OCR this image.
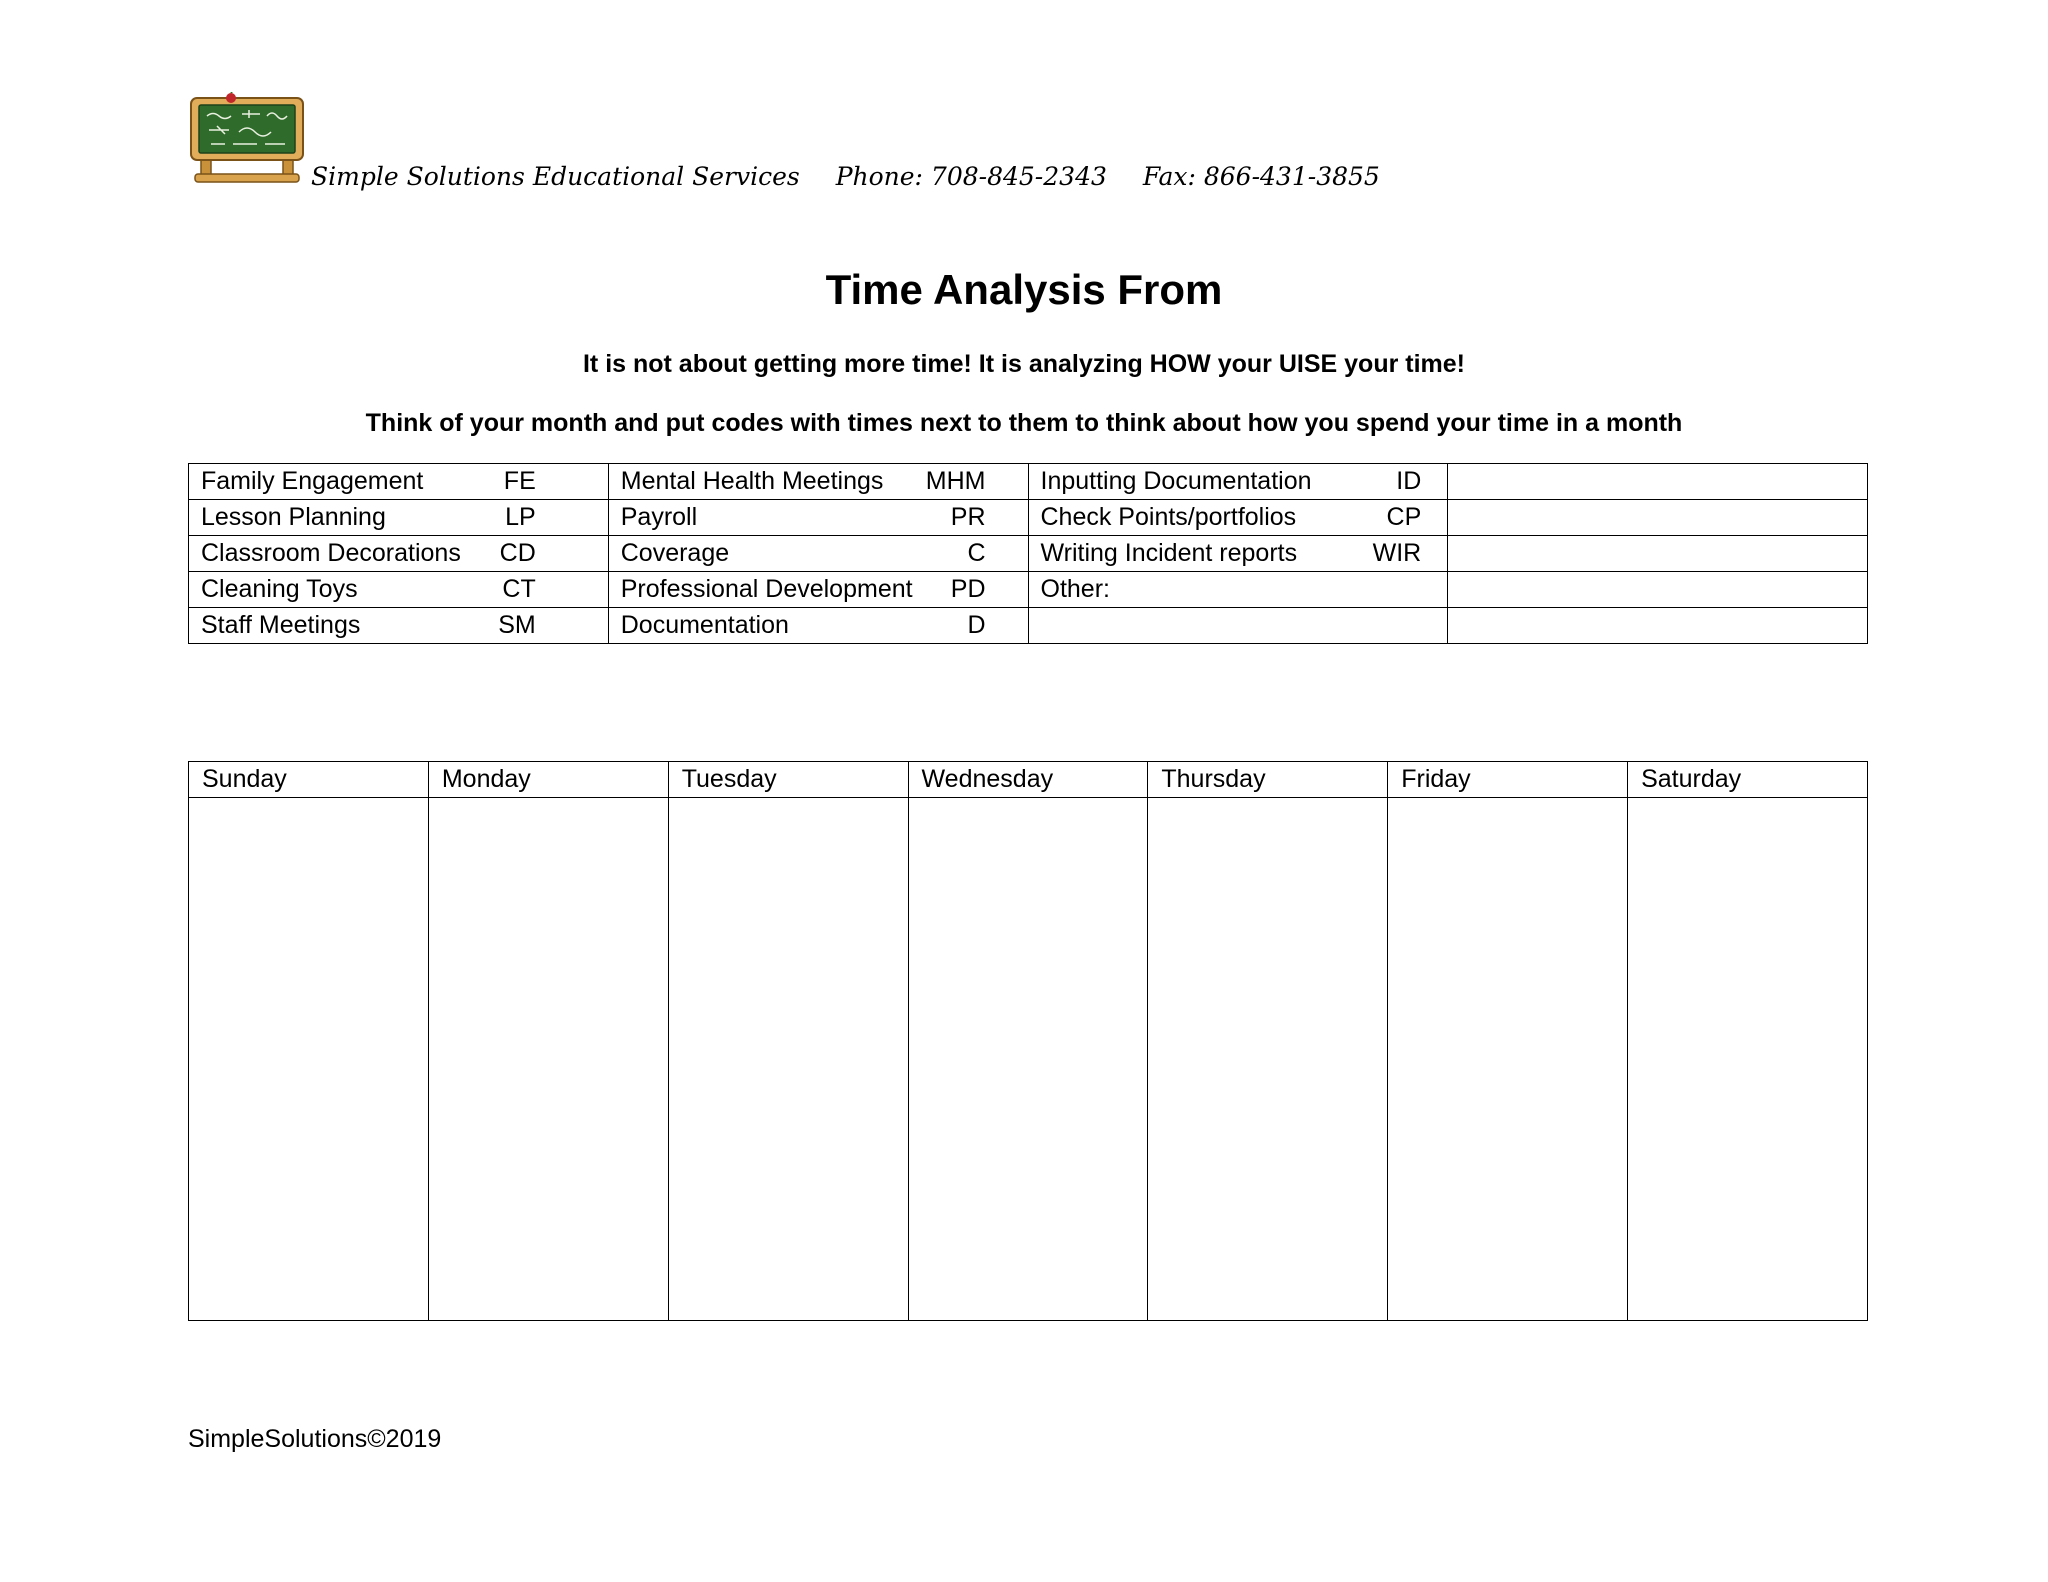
Simple Solutions Educational Services Phone: 708-845-2343 Fax: 866-431-3855
Time Analysis From
It is not about getting more time! It is analyzing HOW your UISE your time!
Think of your month and put codes with times next to them to think about how you spend your time in a month
Family Engagement FE	Mental Health Meetings MHM	Inputting Documentation ID	

Lesson Planning LP	Payroll PR	Check Points/portfolios CP	

Classroom Decorations CD	Coverage C	Writing Incident reports WIR	

Cleaning Toys CT	Professional Development PD	Other:	

Staff Meetings SM	Documentation D		

Sunday	Monday	Tuesday	Wednesday	Thursday	Friday	Saturday

SimpleSolutions©2019
